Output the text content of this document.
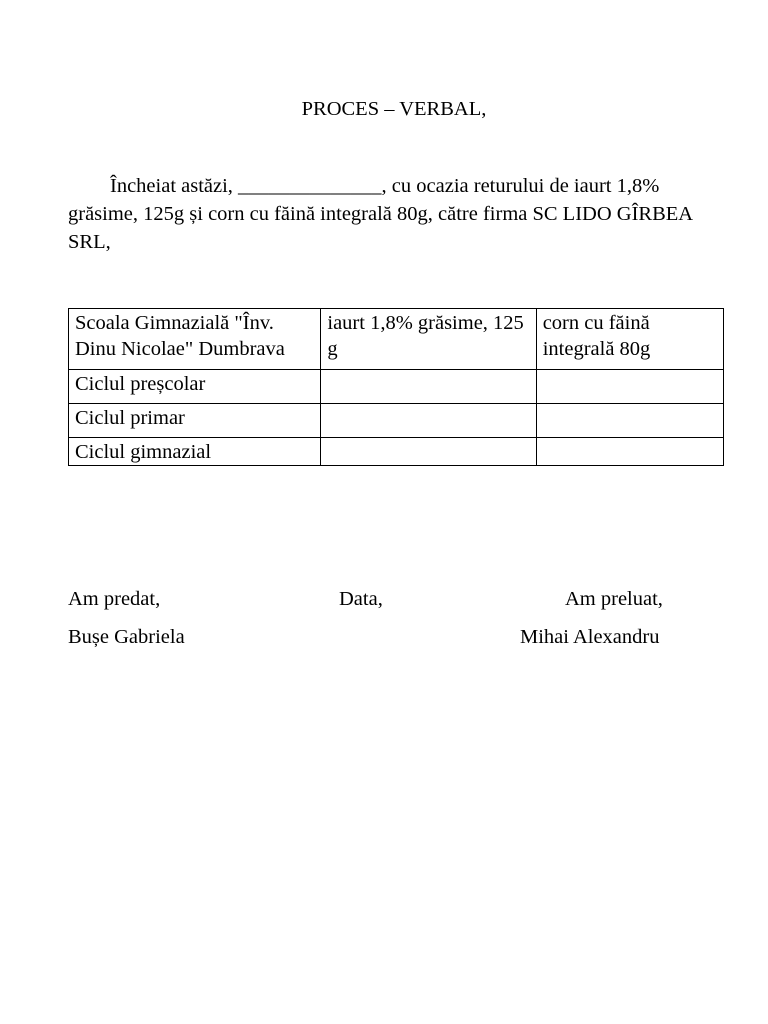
PROCES – VERBAL,
Încheiat astăzi, ______________, cu ocazia returului de iaurt 1,8% grăsime, 125g și corn cu făină integrală 80g, către firma SC LIDO GÎRBEA SRL,
Scoala Gimnazială "Înv. Dinu Nicolae" Dumbrava	iaurt 1,8% grăsime, 125 g	corn cu făină integrală 80g
Ciclul preșcolar		
Ciclul primar		
Ciclul gimnazial		
Am predat,	Data,	Am preluat,
Bușe Gabriela	Mihai Alexandru
